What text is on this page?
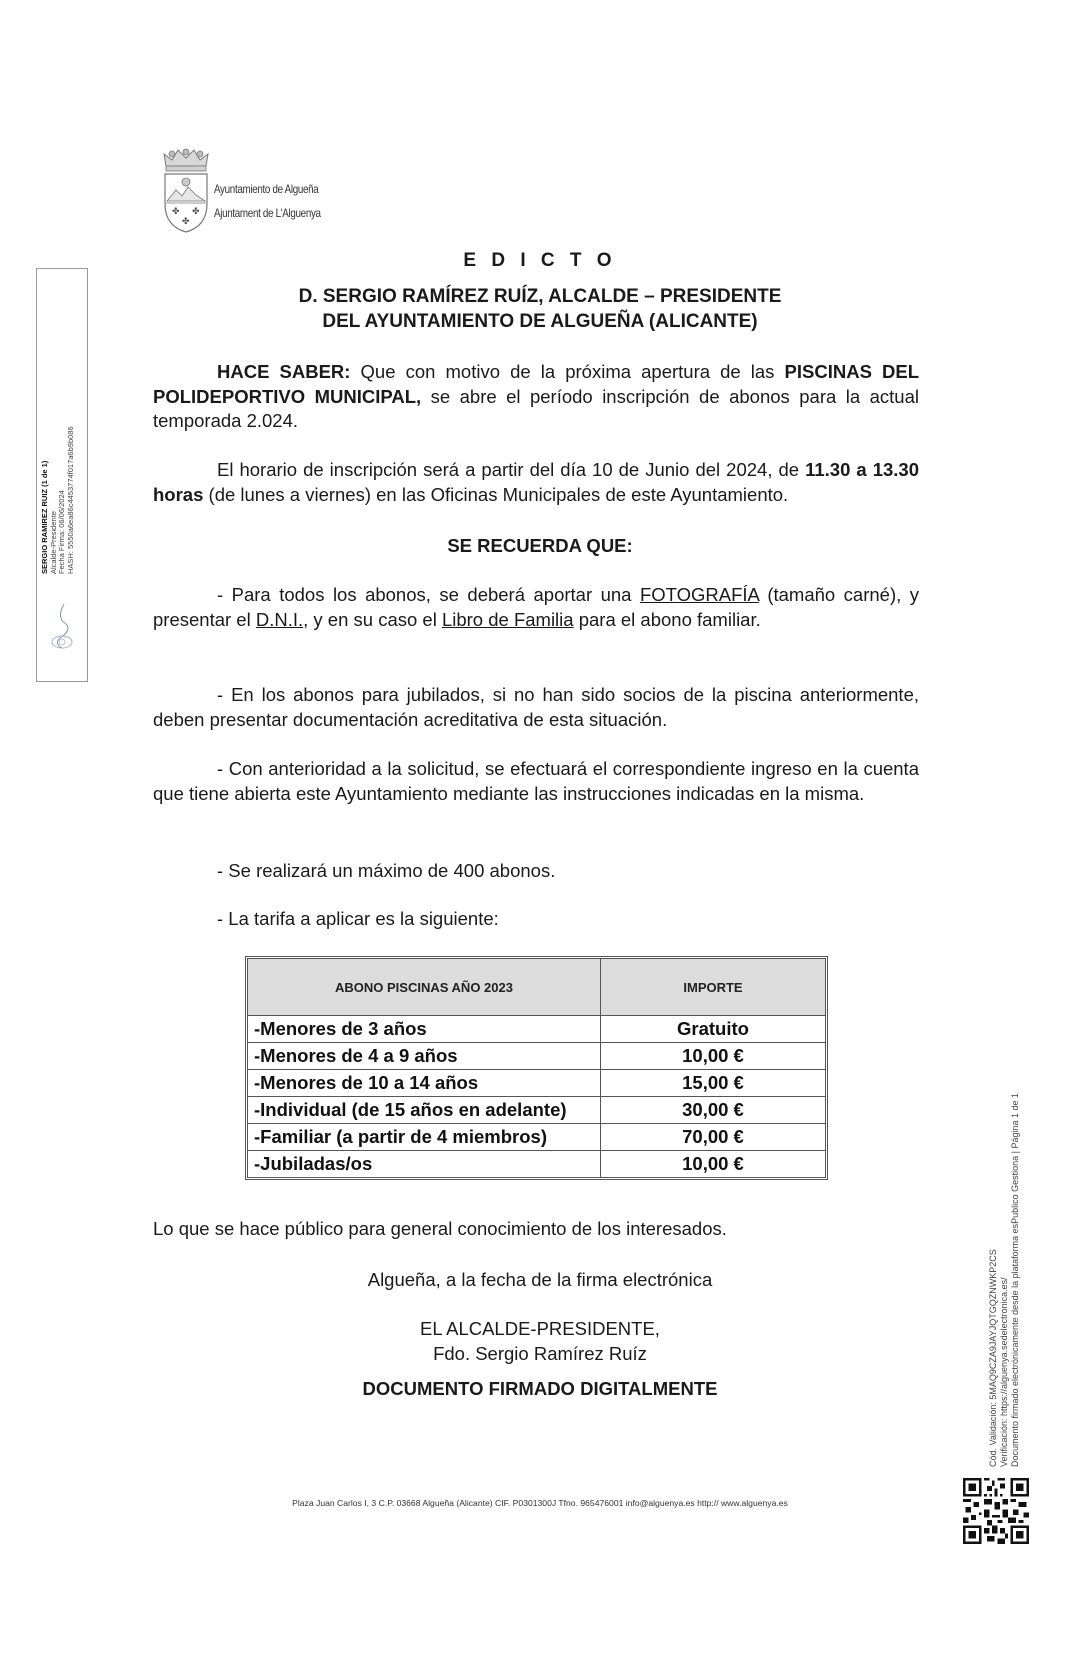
✤ ✤
✤
Ayuntamiento de Algueña
Ajuntament de L'Alguenya
SERGIO RAMIREZ RUIZ (1 de 1) Alcalde-Presidente Fecha Firma: 06/06/2024 HASH: 5550a6ea86c4453774f017a6b9b086
E D I C T O
D. SERGIO RAMÍREZ RUÍZ, ALCALDE – PRESIDENTE
DEL AYUNTAMIENTO DE ALGUEÑA (ALICANTE)
HACE SABER: Que con motivo de la próxima apertura de las PISCINAS DEL POLIDEPORTIVO MUNICIPAL, se abre el período inscripción de abonos para la actual temporada 2.024.
El horario de inscripción será a partir del día 10 de Junio del 2024, de 11.30 a 13.30 horas (de lunes a viernes) en las Oficinas Municipales de este Ayuntamiento.
SE RECUERDA QUE:
- Para todos los abonos, se deberá aportar una FOTOGRAFÍA (tamaño carné), y presentar el D.N.I., y en su caso el Libro de Familia para el abono familiar.
- En los abonos para jubilados, si no han sido socios de la piscina anteriormente, deben presentar documentación acreditativa de esta situación.
- Con anterioridad a la solicitud, se efectuará el correspondiente ingreso en la cuenta que tiene abierta este Ayuntamiento mediante las instrucciones indicadas en la misma.
- Se realizará un máximo de 400 abonos.
- La tarifa a aplicar es la siguiente:
ABONO PISCINAS AÑO 2023	IMPORTE
-Menores de 3 años	Gratuito
-Menores de 4 a 9 años	10,00 €
-Menores de 10 a 14 años	15,00 €
-Individual (de 15 años en adelante)	30,00 €
-Familiar (a partir de 4 miembros)	70,00 €
-Jubiladas/os	10,00 €
Lo que se hace público para general conocimiento de los interesados.
Algueña, a la fecha de la firma electrónica
EL ALCALDE-PRESIDENTE,
Fdo. Sergio Ramírez Ruíz
DOCUMENTO FIRMADO DIGITALMENTE
Plaza Juan Carlos I, 3 C.P. 03668 Algueña (Alicante) CIF. P0301300J Tfno. 965476001 info@alguenya.es http:// www.alguenya.es
Cód. Validación: 5MAQ9CZA9JAYJQTGQZNWKP2CS Verificación: https://alguenya.sedelectronica.es/ Documento firmado electrónicamente desde la plataforma esPublico Gestiona | Página 1 de 1
